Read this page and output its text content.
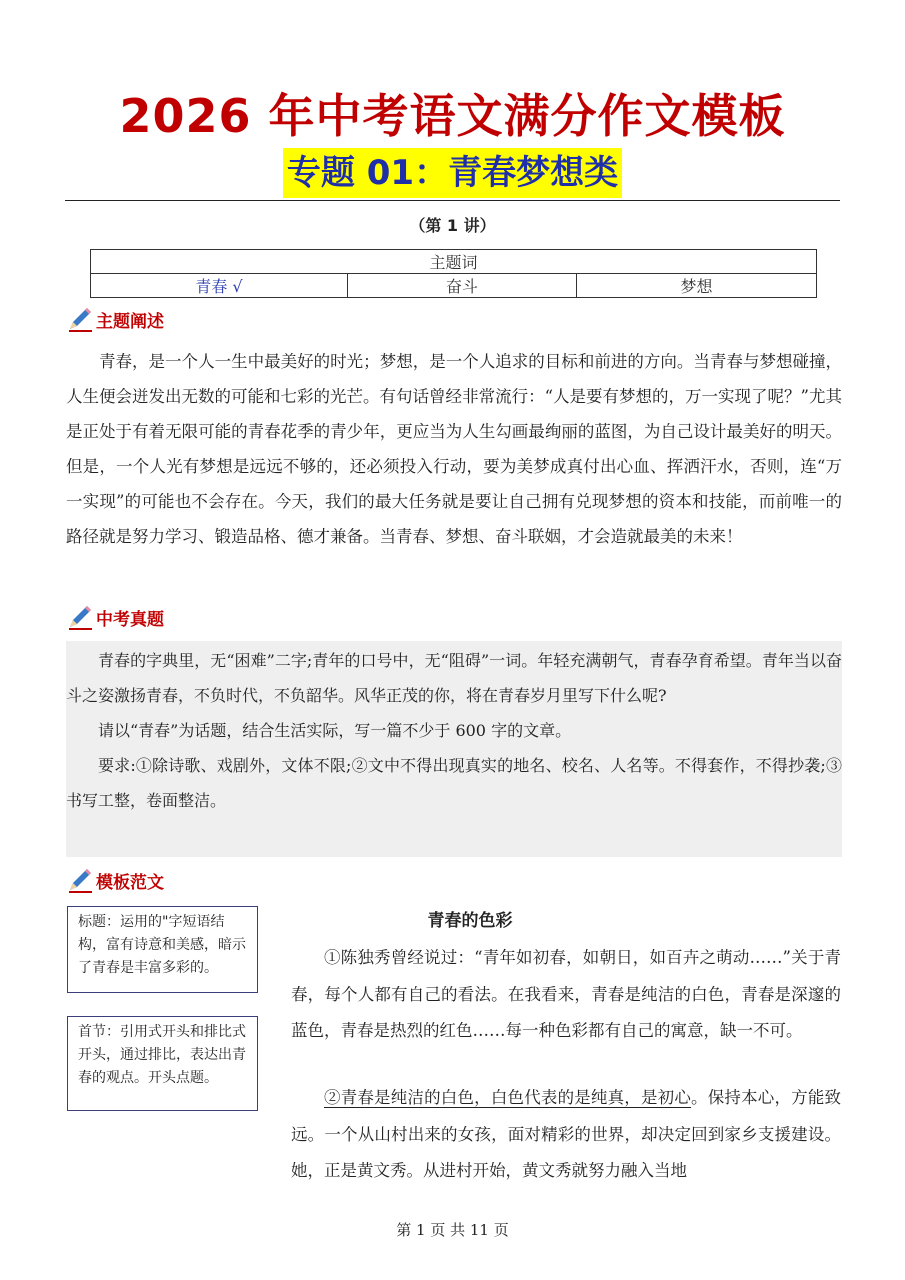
2026 年中考语文满分作文模板
专题 01：青春梦想类
（第 1 讲）
主题词
青春 √	奋斗	梦想
主题阐述

青春，是一个人一生中最美好的时光；梦想，是一个人追求的目标和前进的方向。当青春与梦想碰撞，人生便会迸发出无数的可能和七彩的光芒。有句话曾经非常流行：“人是要有梦想的，万一实现了呢？”尤其是正处于有着无限可能的青春花季的青少年，更应当为人生勾画最绚丽的蓝图，为自己设计最美好的明天。但是，一个人光有梦想是远远不够的，还必须投入行动，要为美梦成真付出心血、挥洒汗水，否则，连“万一实现”的可能也不会存在。今天，我们的最大任务就是要让自己拥有兑现梦想的资本和技能，而前唯一的路径就是努力学习、锻造品格、德才兼备。当青春、梦想、奋斗联姻，才会造就最美的未来！

中考真题

青春的字典里，无“困难”二字;青年的口号中，无“阻碍”一词。年轻充满朝气，青春孕育希望。青年当以奋斗之姿激扬青春，不负时代，不负韶华。风华正茂的你，将在青春岁月里写下什么呢?

请以“青春”为话题，结合生活实际，写一篇不少于 600 字的文章。

要求:①除诗歌、戏剧外，文体不限;②文中不得出现真实的地名、校名、人名等。不得套作，不得抄袭;③书写工整，卷面整洁。

模板范文
标题：运用的"字短语结构，富有诗意和美感，暗示了青春是丰富多彩的。
首节：引用式开头和排比式开头，通过排比，表达出青春的观点。开头点题。
青春的色彩

①陈独秀曾经说过：“青年如初春，如朝日，如百卉之萌动……”关于青春，每个人都有自己的看法。在我看来，青春是纯洁的白色，青春是深邃的蓝色，青春是热烈的红色……每一种色彩都有自己的寓意，缺一不可。

②青春是纯洁的白色，白色代表的是纯真，是初心。保持本心，方能致远。一个从山村出来的女孩，面对精彩的世界，却决定回到家乡支援建设。她，正是黄文秀。从进村开始，黄文秀就努力融入当地

第 1 页 共 11 页
